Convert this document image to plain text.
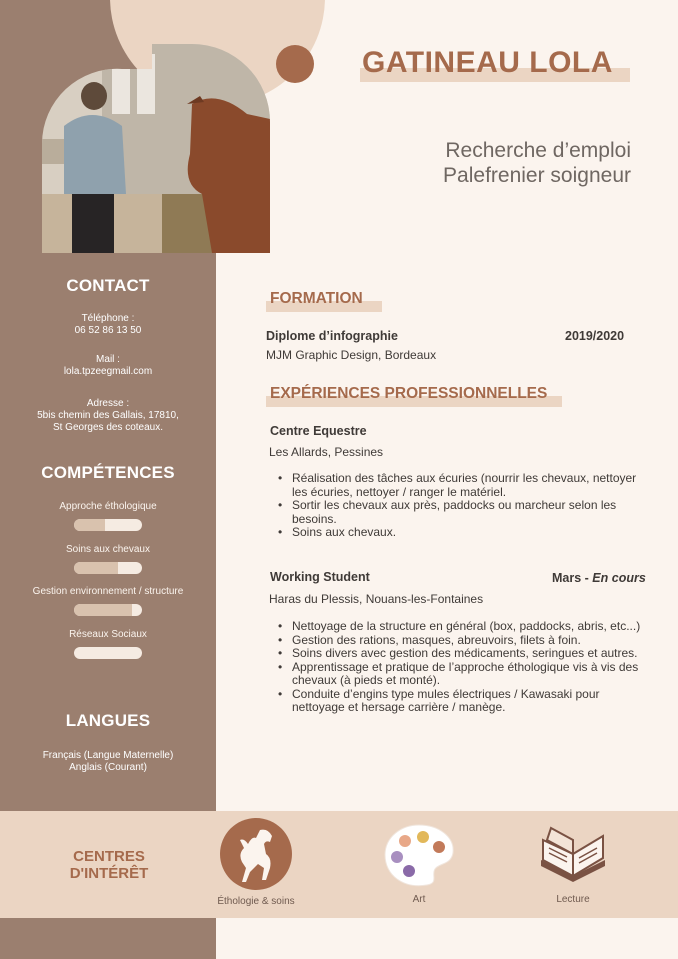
GATINEAU LOLA
Recherche d’emploi
Palefrenier soigneur
CONTACT
Téléphone :
06 52 86 13 50
Mail :
lola.tpzeegmail.com
Adresse :
5bis chemin des Gallais, 17810,
St Georges des coteaux.
COMPÉTENCES
Approche éthologique
Soins aux chevaux
Gestion environnement / structure
Réseaux Sociaux
LANGUES
Français (Langue Maternelle)
Anglais (Courant)
FORMATION
Diplome d’infographie	2019/2020
MJM Graphic Design, Bordeaux
EXPÉRIENCES PROFESSIONNELLES
Centre Equestre
Les Allards, Pessines
• Réalisation des tâches aux écuries (nourrir les chevaux, nettoyer les écuries, nettoyer / ranger le matériel.
• Sortir les chevaux aux près, paddocks ou marcheur selon les besoins.
• Soins aux chevaux.
Working Student	Mars - En cours
Haras du Plessis, Nouans-les-Fontaines
• Nettoyage de la structure en général (box, paddocks, abris, etc...)
• Gestion des rations, masques, abreuvoirs, filets à foin.
• Soins divers avec gestion des médicaments, seringues et autres.
• Apprentissage et pratique de l’approche éthologique vis à vis des chevaux (à pieds et monté).
• Conduite d’engins type mules électriques / Kawasaki pour nettoyage et hersage carrière / manège.
CENTRES
D'INTÉRÊT
Éthologie & soins	Art	Lecture
